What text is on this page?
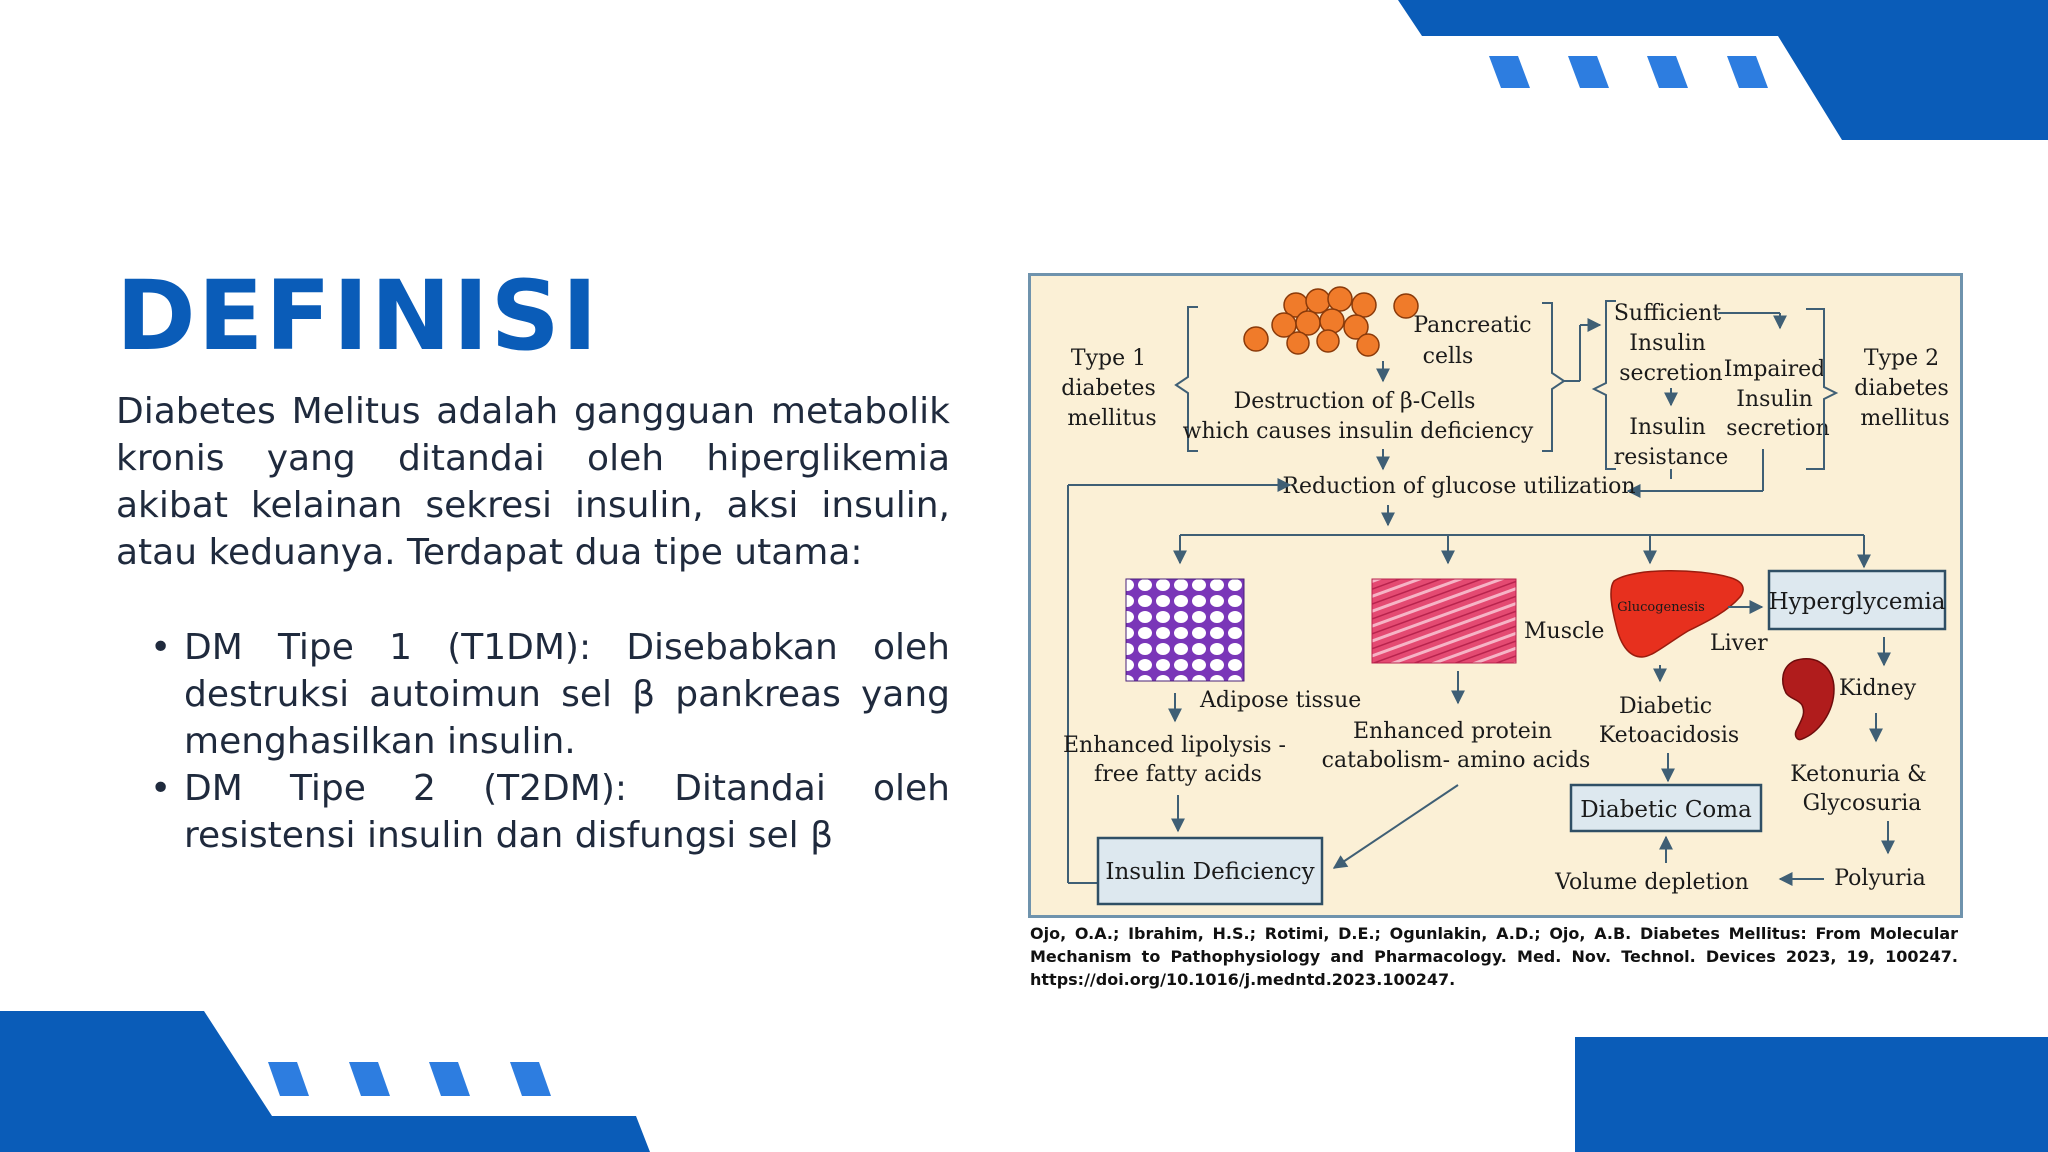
DEFINISI

Diabetes Melitus adalah gangguan metabolik kronis yang ditandai oleh hiperglikemia akibat kelainan sekresi insulin, aksi insulin, atau keduanya. Terdapat dua tipe utama:

• DM Tipe 1 (T1DM): Disebabkan oleh destruksi autoimun sel β pankreas yang menghasilkan insulin.
• DM Tipe 2 (T2DM): Ditandai oleh resistensi insulin dan disfungsi sel β
Type 1 diabetes mellitus
Pancreatic cells
Destruction of β-Cells which causes insulin deficiency
Sufficient Insulin secretion
Insulin resistance
Impaired Insulin secretion
Type 2 diabetes mellitus
Reduction of glucose utilization
Adipose tissue
Enhanced lipolysis - free fatty acids
Muscle
Enhanced protein catabolism- amino acids
Glucogenesis
Liver
Diabetic Ketoacidosis
Hyperglycemia
Kidney
Ketonuria & Glycosuria
Polyuria
Diabetic Coma
Volume depletion
Insulin Deficiency

Ojo, O.A.; Ibrahim, H.S.; Rotimi, D.E.; Ogunlakin, A.D.; Ojo, A.B. Diabetes Mellitus: From Molecular Mechanism to Pathophysiology and Pharmacology. Med. Nov. Technol. Devices 2023, 19, 100247. https://doi.org/10.1016/j.medntd.2023.100247.
